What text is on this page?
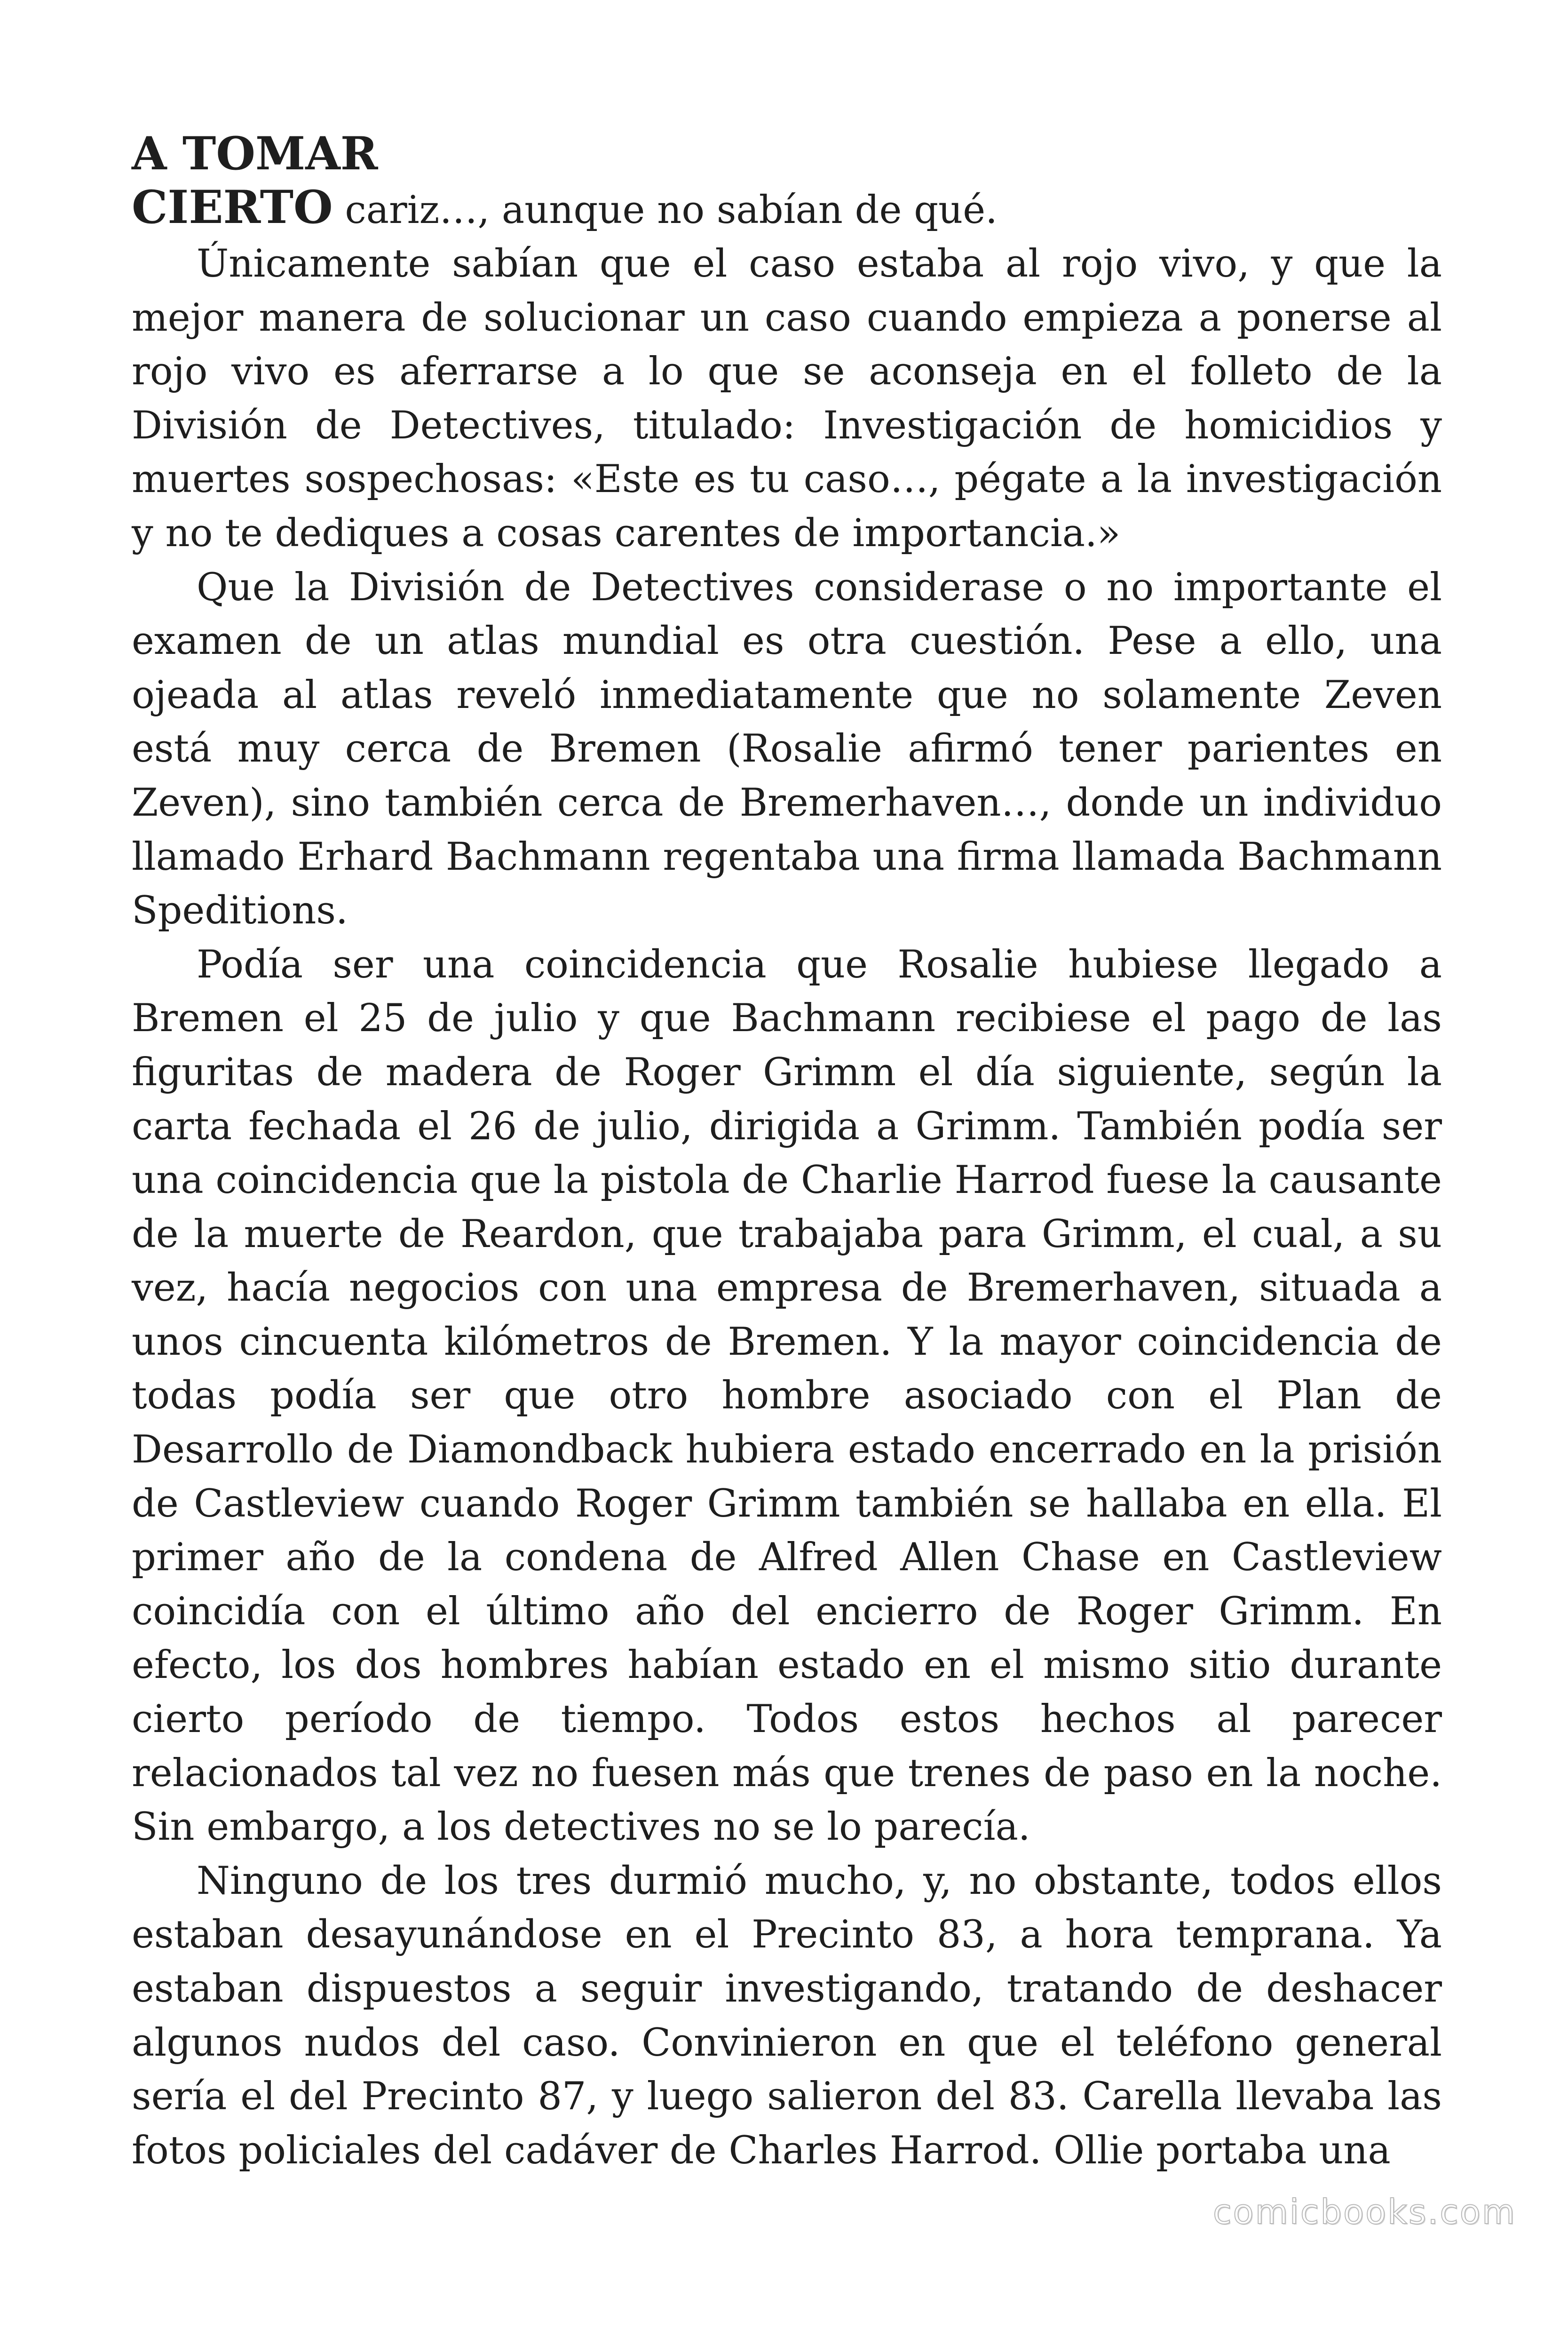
A TOMAR

CIERTO cariz…, aunque no sabían de qué.

Únicamente sabían que el caso estaba al rojo vivo, y que la mejor manera de solucionar un caso cuando empieza a ponerse al rojo vivo es aferrarse a lo que se aconseja en el folleto de la División de Detectives, titulado: Investigación de homicidios y muertes sospechosas: «Este es tu caso…, pégate a la investigación y no te dediques a cosas carentes de importancia.»

Que la División de Detectives considerase o no importante el examen de un atlas mundial es otra cuestión. Pese a ello, una ojeada al atlas reveló inmediatamente que no solamente Zeven está muy cerca de Bremen (Rosalie afirmó tener parientes en Zeven), sino también cerca de Bremerhaven…, donde un individuo llamado Erhard Bachmann regentaba una firma llamada Bachmann Speditions.

Podía ser una coincidencia que Rosalie hubiese llegado a Bremen el 25 de julio y que Bachmann recibiese el pago de las figuritas de madera de Roger Grimm el día siguiente, según la carta fechada el 26 de julio, dirigida a Grimm. También podía ser una coincidencia que la pistola de Charlie Harrod fuese la causante de la muerte de Reardon, que trabajaba para Grimm, el cual, a su vez, hacía negocios con una empresa de Bremerhaven, situada a unos cincuenta kilómetros de Bremen. Y la mayor coincidencia de todas podía ser que otro hombre asociado con el Plan de Desarrollo de Diamondback hubiera estado encerrado en la prisión de Castleview cuando Roger Grimm también se hallaba en ella. El primer año de la condena de Alfred Allen Chase en Castleview coincidía con el último año del encierro de Roger Grimm. En efecto, los dos hombres habían estado en el mismo sitio durante cierto período de tiempo. Todos estos hechos al parecer relacionados tal vez no fuesen más que trenes de paso en la noche. Sin embargo, a los detectives no se lo parecía.

Ninguno de los tres durmió mucho, y, no obstante, todos ellos estaban desayunándose en el Precinto 83, a hora temprana. Ya estaban dispuestos a seguir investigando, tratando de deshacer algunos nudos del caso. Convinieron en que el teléfono general sería el del Precinto 87, y luego salieron del 83. Carella llevaba las fotos policiales del cadáver de Charles Harrod. Ollie portaba una

comicbooks.com
